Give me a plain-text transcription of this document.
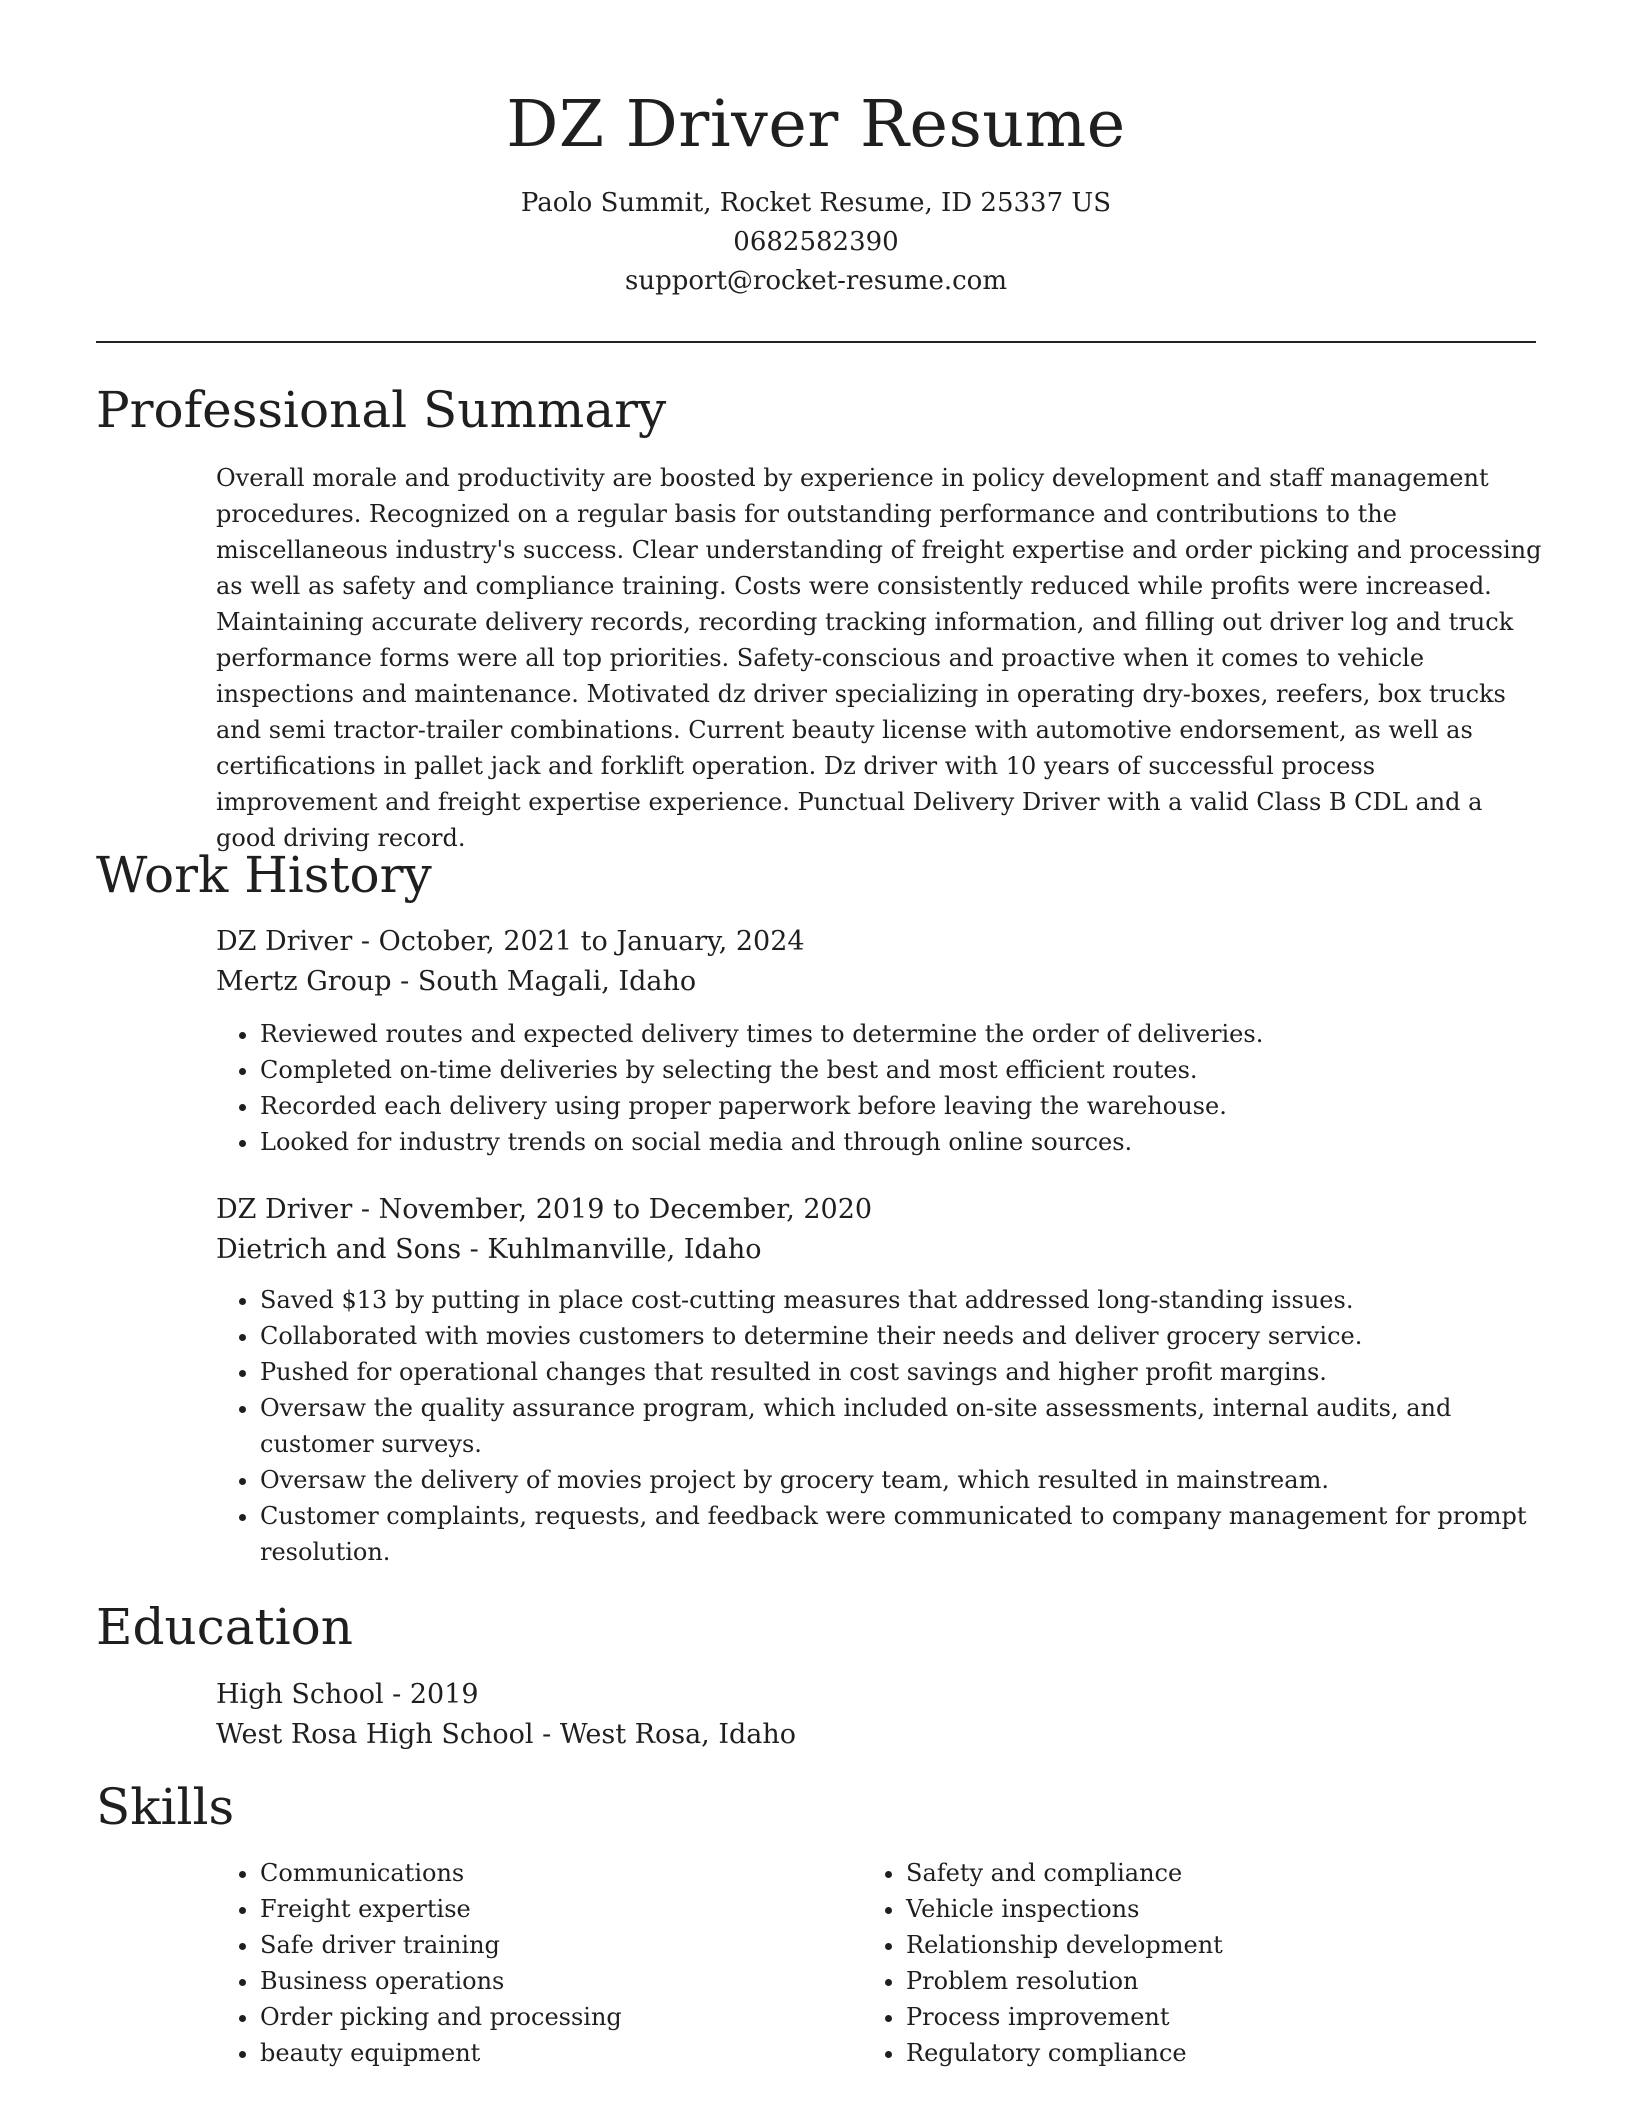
DZ Driver Resume
Paolo Summit, Rocket Resume, ID 25337 US
0682582390
support@rocket-resume.com
Professional Summary

Overall morale and productivity are boosted by experience in policy development and staff management procedures. Recognized on a regular basis for outstanding performance and contributions to the miscellaneous industry's success. Clear understanding of freight expertise and order picking and processing as well as safety and compliance training. Costs were consistently reduced while profits were increased. Maintaining accurate delivery records, recording tracking information, and filling out driver log and truck performance forms were all top priorities. Safety-conscious and proactive when it comes to vehicle inspections and maintenance. Motivated dz driver specializing in operating dry-boxes, reefers, box trucks and semi tractor-trailer combinations. Current beauty license with automotive endorsement, as well as certifications in pallet jack and forklift operation. Dz driver with 10 years of successful process improvement and freight expertise experience. Punctual Delivery Driver with a valid Class B CDL and a good driving record.

Work History
DZ Driver - October, 2021 to January, 2024
Mertz Group - South Magali, Idaho
• Reviewed routes and expected delivery times to determine the order of deliveries.
• Completed on-time deliveries by selecting the best and most efficient routes.
• Recorded each delivery using proper paperwork before leaving the warehouse.
• Looked for industry trends on social media and through online sources.
DZ Driver - November, 2019 to December, 2020
Dietrich and Sons - Kuhlmanville, Idaho
• Saved $13 by putting in place cost-cutting measures that addressed long-standing issues.
• Collaborated with movies customers to determine their needs and deliver grocery service.
• Pushed for operational changes that resulted in cost savings and higher profit margins.
• Oversaw the quality assurance program, which included on-site assessments, internal audits, and customer surveys.
• Oversaw the delivery of movies project by grocery team, which resulted in mainstream.
• Customer complaints, requests, and feedback were communicated to company management for prompt resolution.
Education
High School - 2019
West Rosa High School - West Rosa, Idaho
Skills
• Communications
• Freight expertise
• Safe driver training
• Business operations
• Order picking and processing
• beauty equipment
• Safety and compliance
• Vehicle inspections
• Relationship development
• Problem resolution
• Process improvement
• Regulatory compliance
